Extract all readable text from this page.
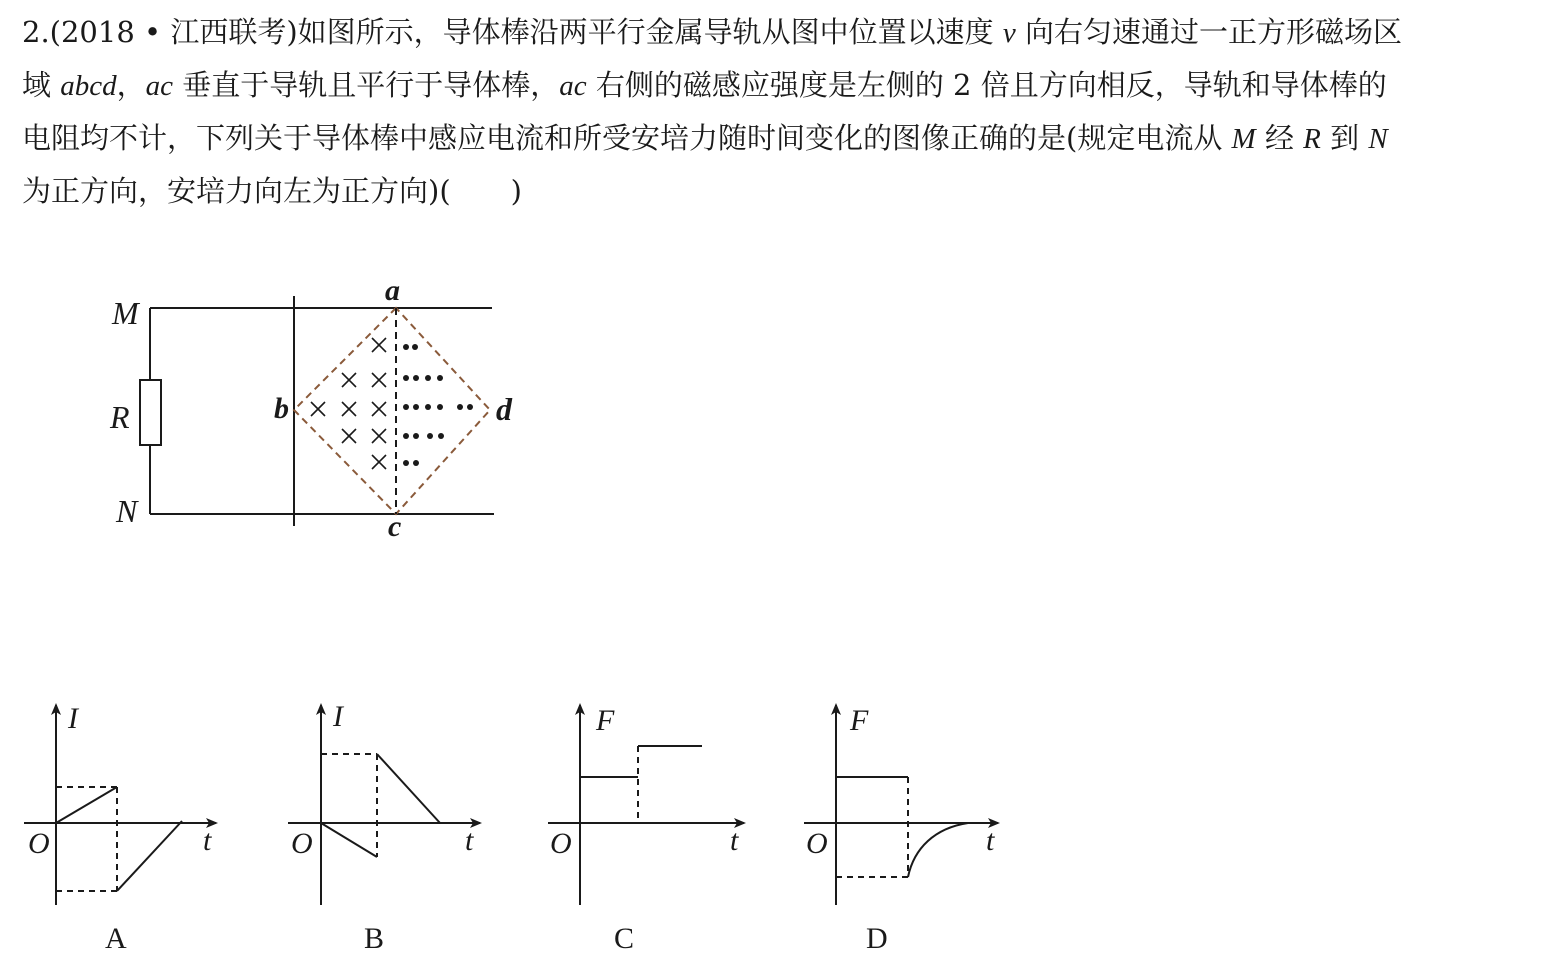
2.(2018 • 江西联考)如图所示，导体棒沿两平行金属导轨从图中位置以速度 v 向右匀速通过一正方形磁场区
域 abcd，ac 垂直于导轨且平行于导体棒，ac 右侧的磁感应强度是左侧的 2 倍且方向相反，导轨和导体棒的
电阻均不计，下列关于导体棒中感应电流和所受安培力随时间变化的图像正确的是(规定电流从 M 经 R 到 N
为正方向，安培力向左为正方向)( )
M
R
N
a
b
c
d
I
t
O
A
I
t
O
B
F
t
O
C
F
t
O
D
